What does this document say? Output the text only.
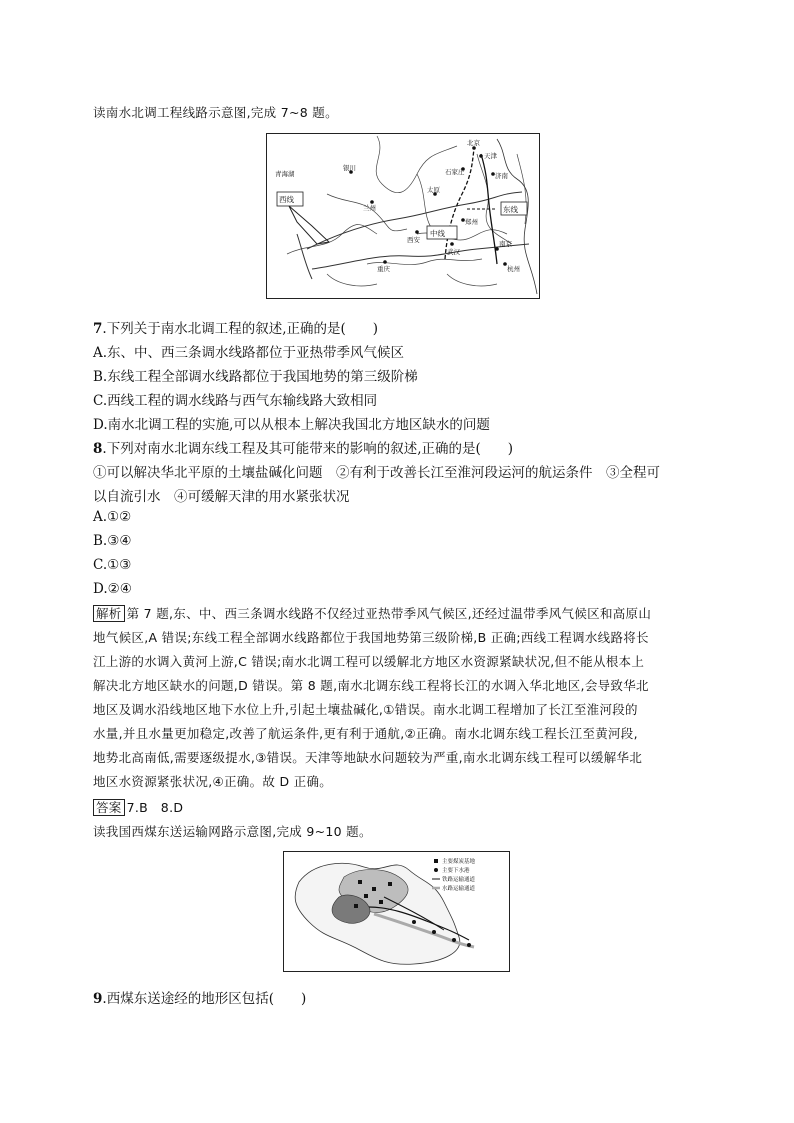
读南水北调工程线路示意图,完成 7~8 题。
西线
中线
东线
北京
天津
石家庄	济南
兰州
西安
武汉
南京
杭州
郑州
重庆
银川
太原
青海湖
7.下列关于南水北调工程的叙述,正确的是(　　)
A.东、中、西三条调水线路都位于亚热带季风气候区
B.东线工程全部调水线路都位于我国地势的第三级阶梯
C.西线工程的调水线路与西气东输线路大致相同
D.南水北调工程的实施,可以从根本上解决我国北方地区缺水的问题
8.下列对南水北调东线工程及其可能带来的影响的叙述,正确的是(　　)
①可以解决华北平原的土壤盐碱化问题　②有利于改善长江至淮河段运河的航运条件　③全程可
以自流引水　④可缓解天津的用水紧张状况
A.①②
B.③④
C.①③
D.②④
解析 第 7 题,东、中、西三条调水线路不仅经过亚热带季风气候区,还经过温带季风气候区和高原山
地气候区,A 错误;东线工程全部调水线路都位于我国地势第三级阶梯,B 正确;西线工程调水线路将长
江上游的水调入黄河上游,C 错误;南水北调工程可以缓解北方地区水资源紧缺状况,但不能从根本上
解决北方地区缺水的问题,D 错误。第 8 题,南水北调东线工程将长江的水调入华北地区,会导致华北
地区及调水沿线地区地下水位上升,引起土壤盐碱化,①错误。南水北调工程增加了长江至淮河段的
水量,并且水量更加稳定,改善了航运条件,更有利于通航,②正确。南水北调东线工程长江至黄河段,
地势北高南低,需要逐级提水,③错误。天津等地缺水问题较为严重,南水北调东线工程可以缓解华北
地区水资源紧张状况,④正确。故 D 正确。
答案 7.B　8.D
读我国西煤东送运输网路示意图,完成 9~10 题。
主要煤炭基地
主要下水港
铁路运输通道
水路运输通道
9.西煤东送途经的地形区包括(　　)
